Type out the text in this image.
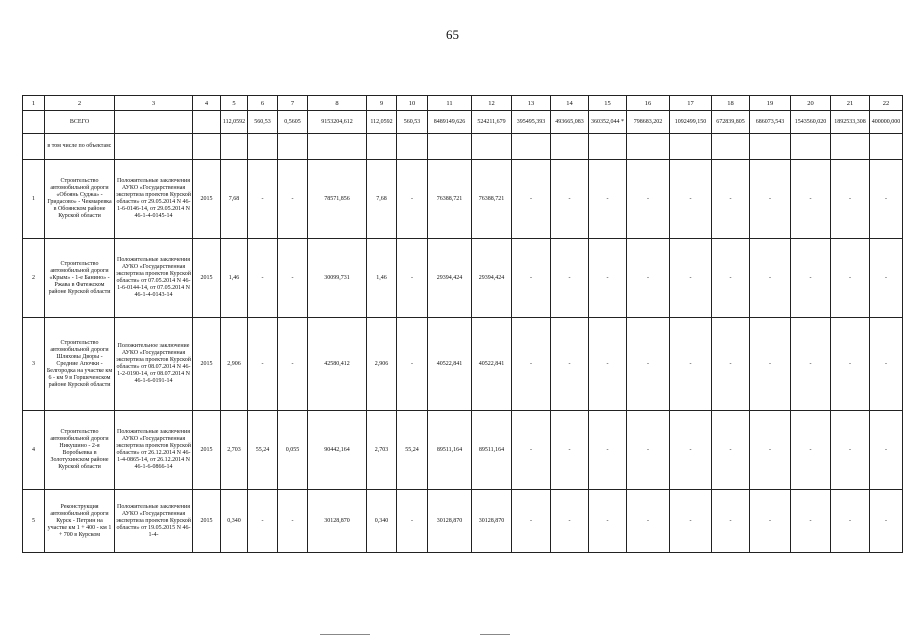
65
1	2	3	4	5	6	7	8	9	10	11	12	13	14	15	16	17	18	19	20	21	22
	ВСЕГО			112,0592	560,53	0,5605	9153204,612	112,0592	560,53	8489149,626	524211,679	395495,393	493665,083	360352,044 *	798683,202	1092499,150	672839,805	686073,543	1543560,020	1892533,308	400000,000
	в том числе по объектам:																				
1	Строительство автомобильной дороги «Обоянь Суджа» - Гридасово» - Чекмаревка в Обоянском районе Курской области	Положительные заключения АУКО «Государственная экспертиза проектов Курской области» от 29.05.2014 N 46-1-6-0146-14, от 29.05.2014 N 46-1-4-0145-14	2015	7,68	-	-	78571,856	7,68	-	76388,721	76388,721	-	-	-	-	-	-	-	-	-	-
2	Строительство автомобильной дороги «Крым» - 1-е Банино» - Ржава в Фатежском районе Курской области	Положительные заключения АУКО «Государственная экспертиза проектов Курской области» от 07.05.2014 N 46-1-6-0144-14, от 07.05.2014 N 46-1-4-0143-14	2015	1,46	-	-	30099,731	1,46	-	29394,424	29394,424	-	-	-	-	-	-	-	-	-	-
3	Строительство автомобильной дороги Шляховы Дворы - Средние Апочки - Белгородка на участке км 6 - км 9 в Горшеченском районе Курской области	Положительное заключение АУКО «Государственная экспертиза проектов Курской области» от 08.07.2014 N 46-1-2-0190-14, от 08.07.2014 N 46-1-6-0191-14	2015	2,906	-	-	42580,412	2,906	-	40522,841	40522,841	-	-	-	-	-	-	-	-	-	-
4	Строительство автомобильной дороги Никушино - 2-я Воробьевка в Золотухинском районе Курской области	Положительные заключения АУКО «Государственная экспертиза проектов Курской области» от 26.12.2014 N 46-1-4-0865-14, от 26.12.2014 N 46-1-6-0866-14	2015	2,703	55,24	0,055	90442,164	2,703	55,24	89511,164	89511,164	-	-	-	-	-	-	-	-	-	-
5	Реконструкция автомобильной дороги Курск - Петрин на участке км 1 + 400 - км 1 + 700 в Курском	Положительные заключения АУКО «Государственная экспертиза проектов Курской области» от 19.05.2015 N 46-1-4-	2015	0,340	-	-	30128,870	0,340	-	30128,870	30128,870	-	-	-	-	-	-	-	-	-	-
